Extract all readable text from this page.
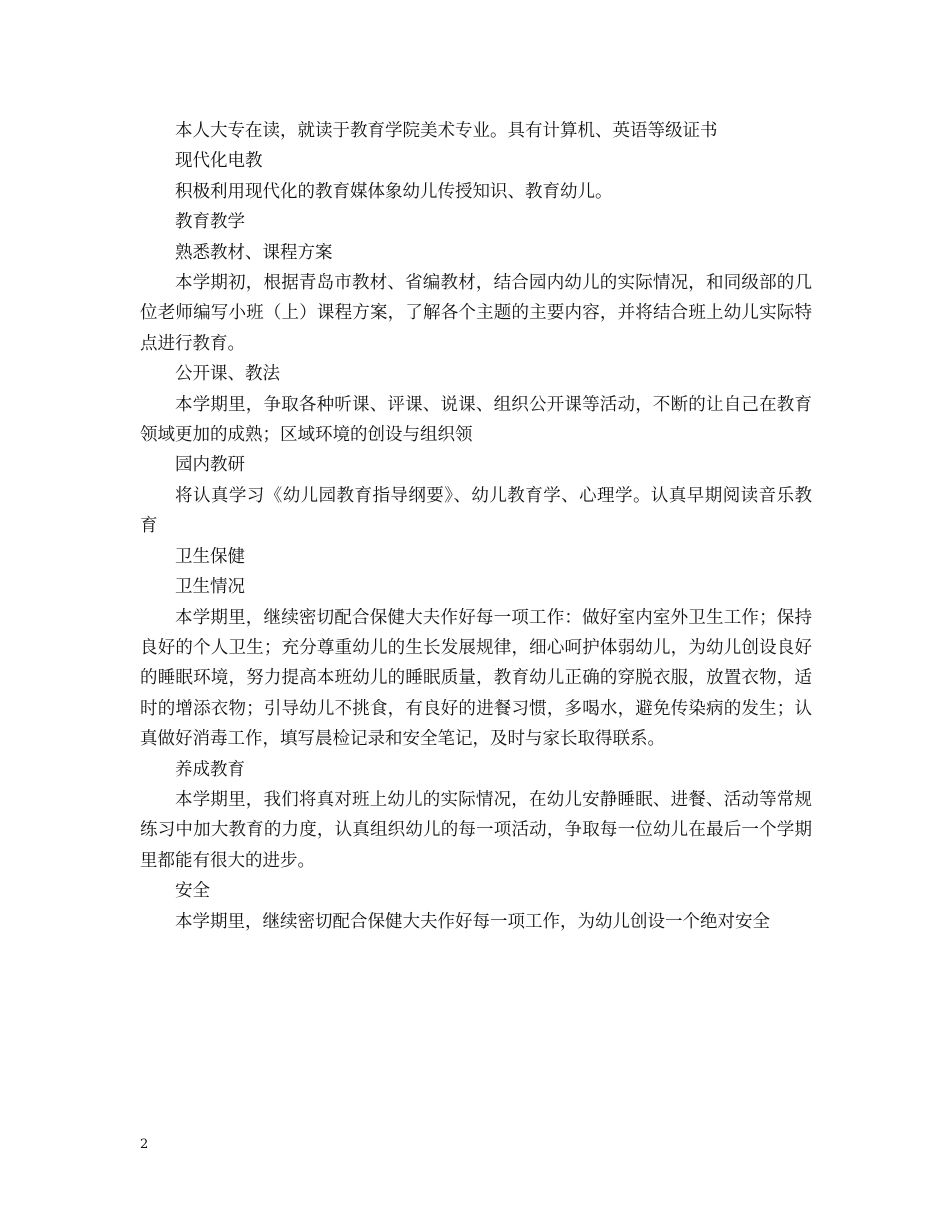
本人大专在读，就读于教育学院美术专业。具有计算机、英语等级证书

现代化电教

积极利用现代化的教育媒体象幼儿传授知识、教育幼儿。

教育教学

熟悉教材、课程方案

本学期初，根据青岛市教材、省编教材，结合园内幼儿的实际情况，和同级部的几位老师编写小班（上）课程方案，了解各个主题的主要内容，并将结合班上幼儿实际特点进行教育。

公开课、教法

本学期里，争取各种听课、评课、说课、组织公开课等活动，不断的让自己在教育领域更加的成熟；区域环境的创设与组织领

园内教研

将认真学习《幼儿园教育指导纲要》、幼儿教育学、心理学。认真早期阅读音乐教育

卫生保健

卫生情况

本学期里，继续密切配合保健大夫作好每一项工作：做好室内室外卫生工作；保持良好的个人卫生；充分尊重幼儿的生长发展规律，细心呵护体弱幼儿，为幼儿创设良好的睡眠环境，努力提高本班幼儿的睡眠质量，教育幼儿正确的穿脱衣服，放置衣物，适时的增添衣物；引导幼儿不挑食，有良好的进餐习惯，多喝水，避免传染病的发生；认真做好消毒工作，填写晨检记录和安全笔记，及时与家长取得联系。

养成教育

本学期里，我们将真对班上幼儿的实际情况，在幼儿安静睡眠、进餐、活动等常规练习中加大教育的力度，认真组织幼儿的每一项活动，争取每一位幼儿在最后一个学期里都能有很大的进步。

安全

本学期里，继续密切配合保健大夫作好每一项工作，为幼儿创设一个绝对安全

2
